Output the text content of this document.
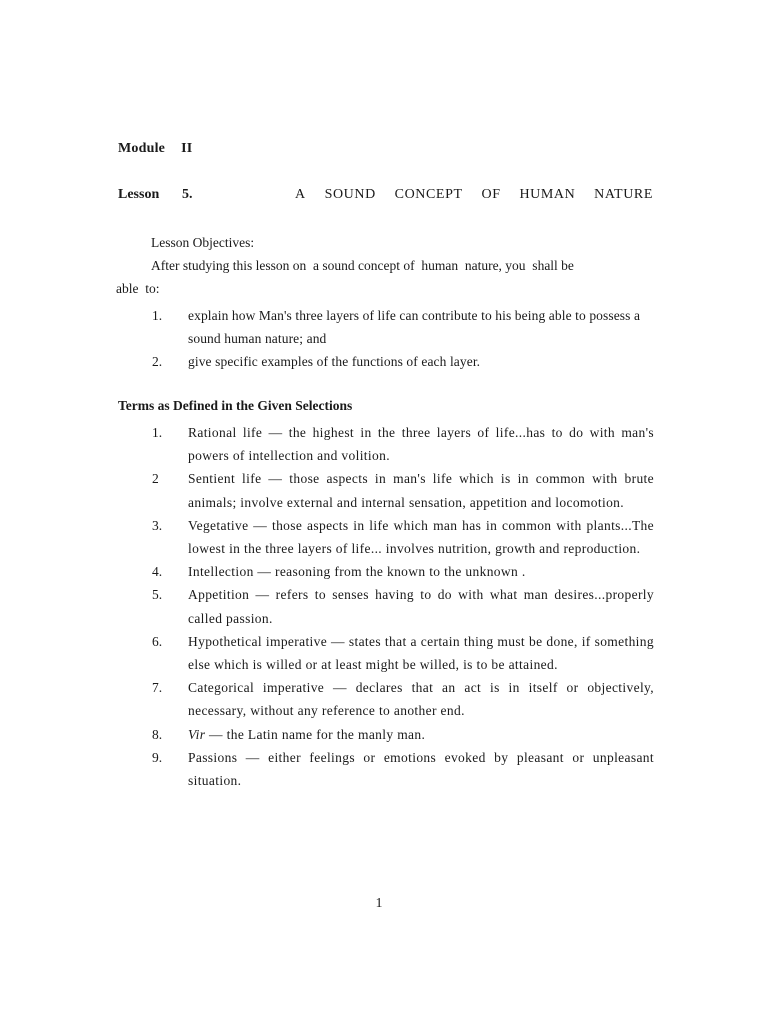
Module II
Lesson 5.	A SOUND CONCEPT OF HUMAN NATURE
Lesson Objectives:
After studying this lesson on  a sound concept of  human  nature, you  shall be
able  to:
1. explain how Man's three layers of life can contribute to his being able to possess a sound human nature; and
2. give specific examples of the functions of each layer.
Terms as Defined in the Given Selections
1. Rational life — the highest in the three layers of life...has to do with man's powers of intellection and volition.
2 Sentient life — those aspects in man's life which is in common with brute animals; involve external and internal sensation, appetition and locomotion.
3. Vegetative — those aspects in life which man has in common with plants...The lowest in the three layers of life... involves nutrition, growth and reproduction.
4. Intellection — reasoning from the known to the unknown .
5. Appetition — refers to senses having to do with what man desires...properly called passion.
6. Hypothetical imperative — states that a certain thing must be done, if something else which is willed or at least might be willed, is to be attained.
7. Categorical imperative — declares that an act is in itself or objectively, necessary, without any reference to another end.
8. Vir — the Latin name for the manly man.
9. Passions — either feelings or emotions evoked by pleasant or unpleasant situation.
1
